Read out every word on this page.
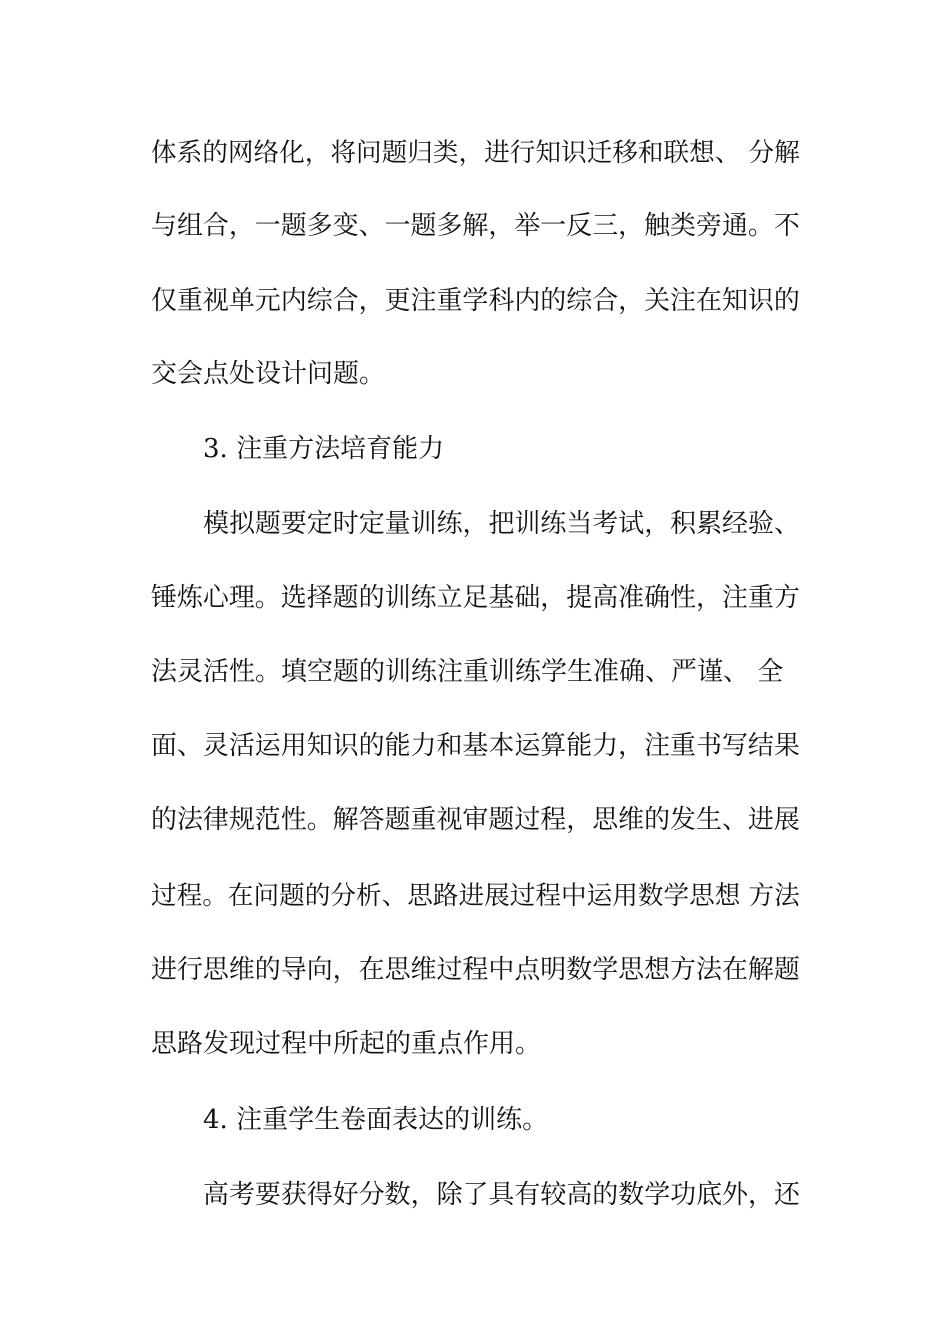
体系的网络化，将问题归类，进行知识迁移和联想、 分解
与组合，一题多变、一题多解，举一反三，触类旁通。不
仅重视单元内综合，更注重学科内的综合，关注在知识的
交会点处设计问题。
3. 注重方法培育能力
模拟题要定时定量训练，把训练当考试，积累经验、
锤炼心理。选择题的训练立足基础，提高准确性，注重方
法灵活性。填空题的训练注重训练学生准确、严谨、 全
面、灵活运用知识的能力和基本运算能力，注重书写结果
的法律规范性。解答题重视审题过程，思维的发生、进展
过程。在问题的分析、思路进展过程中运用数学思想 方法
进行思维的导向，在思维过程中点明数学思想方法在解题
思路发现过程中所起的重点作用。
4. 注重学生卷面表达的训练。
高考要获得好分数，除了具有较高的数学功底外，还
